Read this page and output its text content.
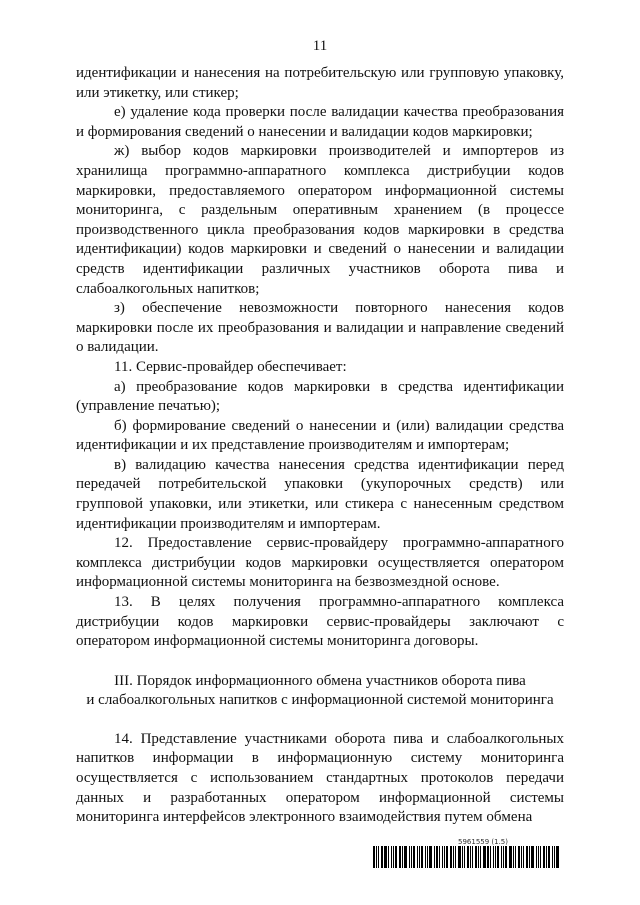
11

идентификации и нанесения на потребительскую или групповую упаковку, или этикетку, или стикер;

е) удаление кода проверки после валидации качества преобразования и формирования сведений о нанесении и валидации кодов маркировки;

ж) выбор кодов маркировки производителей и импортеров из хранилища программно-аппаратного комплекса дистрибуции кодов маркировки, предоставляемого оператором информационной системы мониторинга, с раздельным оперативным хранением (в процессе производственного цикла преобразования кодов маркировки в средства идентификации) кодов маркировки и сведений о нанесении и валидации средств идентификации различных участников оборота пива и слабоалкогольных напитков;

з) обеспечение невозможности повторного нанесения кодов маркировки после их преобразования и валидации и направление сведений о валидации.

11. Сервис-провайдер обеспечивает:

а) преобразование кодов маркировки в средства идентификации (управление печатью);

б) формирование сведений о нанесении и (или) валидации средства идентификации и их представление производителям и импортерам;

в) валидацию качества нанесения средства идентификации перед передачей потребительской упаковки (укупорочных средств) или групповой упаковки, или этикетки, или стикера с нанесенным средством идентификации производителям и импортерам.

12. Предоставление сервис-провайдеру программно-аппаратного комплекса дистрибуции кодов маркировки осуществляется оператором информационной системы мониторинга на безвозмездной основе.

13. В целях получения программно-аппаратного комплекса дистрибуции кодов маркировки сервис-провайдеры заключают с оператором информационной системы мониторинга договоры.

III. Порядок информационного обмена участников оборота пива
и слабоалкогольных напитков с информационной системой мониторинга

14. Представление участниками оборота пива и слабоалкогольных напитков информации в информационную систему мониторинга осуществляется с использованием стандартных протоколов передачи данных и разработанных оператором информационной системы мониторинга интерфейсов электронного взаимодействия путем обмена

5961559 (1.5)
